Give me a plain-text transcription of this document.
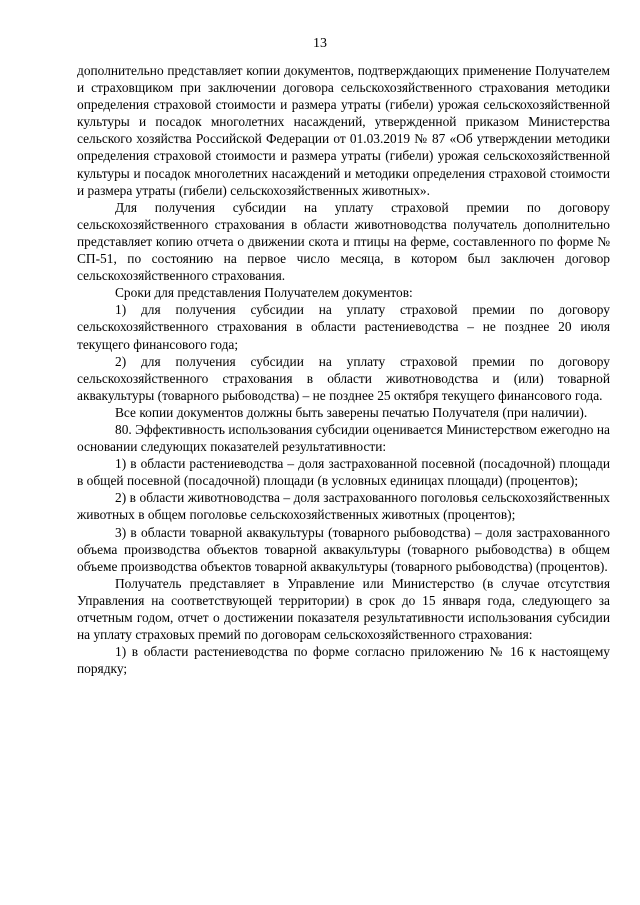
13

дополнительно представляет копии документов, подтверждающих применение Получателем и страховщиком при заключении договора сельскохозяйственного страхования методики определения страховой стоимости и размера утраты (гибели) урожая сельскохозяйственной культуры и посадок многолетних насаждений, утвержденной приказом Министерства сельского хозяйства Российской Федерации от 01.03.2019 № 87 «Об утверждении методики определения страховой стоимости и размера утраты (гибели) урожая сельскохозяйственной культуры и посадок многолетних насаждений и методики определения страховой стоимости и размера утраты (гибели) сельскохозяйственных животных».

Для получения субсидии на уплату страховой премии по договору сельскохозяйственного страхования в области животноводства получатель дополнительно представляет копию отчета о движении скота и птицы на ферме, составленного по форме № СП-51, по состоянию на первое число месяца, в котором был заключен договор сельскохозяйственного страхования.

Сроки для представления Получателем документов:

1) для получения субсидии на уплату страховой премии по договору сельскохозяйственного страхования в области растениеводства – не позднее 20 июля текущего финансового года;

2) для получения субсидии на уплату страховой премии по договору сельскохозяйственного страхования в области животноводства и (или) товарной аквакультуры (товарного рыбоводства) – не позднее 25 октября текущего финансового года.

Все копии документов должны быть заверены печатью Получателя (при наличии).

80. Эффективность использования субсидии оценивается Министерством ежегодно на основании следующих показателей результативности:

1) в области растениеводства – доля застрахованной посевной (посадочной) площади в общей посевной (посадочной) площади (в условных единицах площади) (процентов);

2) в области животноводства – доля застрахованного поголовья сельскохозяйственных животных в общем поголовье сельскохозяйственных животных (процентов);

3) в области товарной аквакультуры (товарного рыбоводства) – доля застрахованного объема производства объектов товарной аквакультуры (товарного рыбоводства) в общем объеме производства объектов товарной аквакультуры (товарного рыбоводства) (процентов).

Получатель представляет в Управление или Министерство (в случае отсутствия Управления на соответствующей территории) в срок до 15 января года, следующего за отчетным годом, отчет о достижении показателя результативности использования субсидии на уплату страховых премий по договорам сельскохозяйственного страхования:

1) в области растениеводства по форме согласно приложению № 16 к настоящему порядку;
